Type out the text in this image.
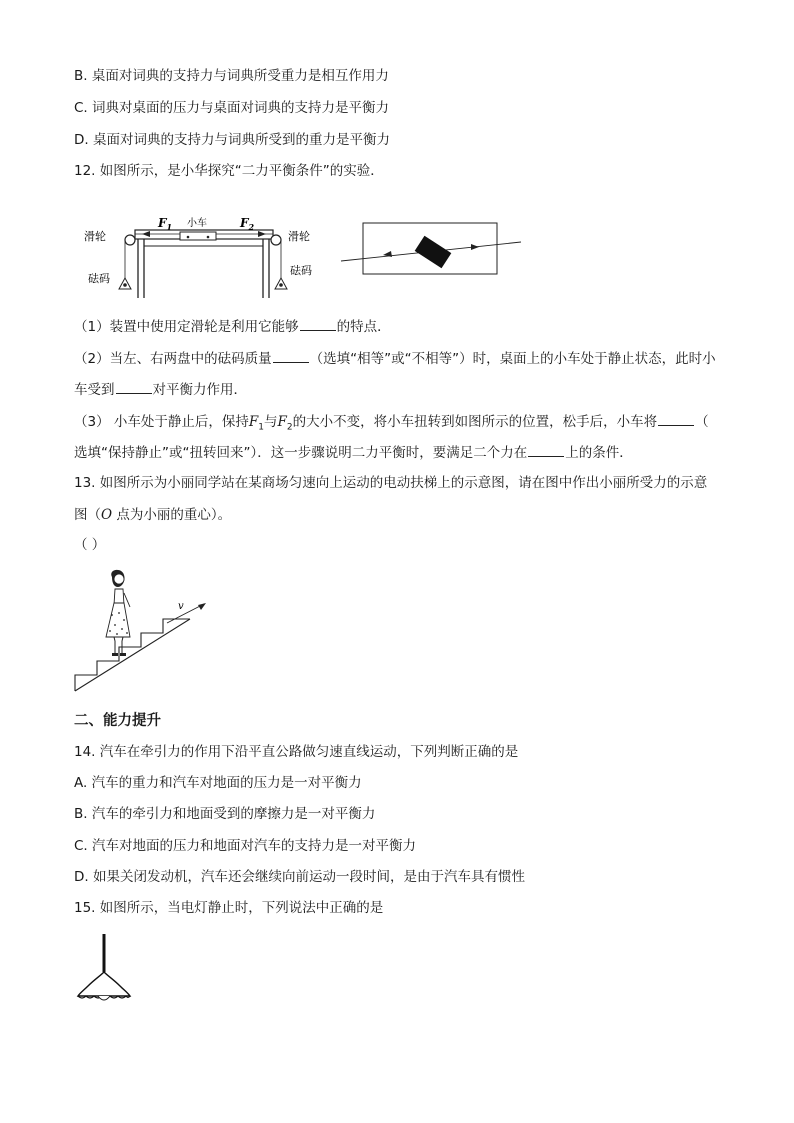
B. 桌面对词典的支持力与词典所受重力是相互作用力
C. 词典对桌面的压力与桌面对词典的支持力是平衡力
D. 桌面对词典的支持力与词典所受到的重力是平衡力
12. 如图所示，是小华探究“二力平衡条件”的实验．
滑轮	滑轮
砝码
砝码
小车
$F_1$	$F_2$
（1）装置中使用定滑轮是利用它能够	的特点．
（2）当左、右两盘中的砝码质量	（选填“相等”或“不相等”）时，桌面上的小车处于静止状态，此时小
车受到	对平衡力作用．
（3） 小车处于静止后，保持$F_1$与$F_2$的大小不变，将小车扭转到如图所示的位置，松手后，小车将	（
选填“保持静止”或“扭转回来”）．这一步骤说明二力平衡时，要满足二个力在	上的条件．
13. 如图所示为小丽同学站在某商场匀速向上运动的电动扶梯上的示意图，请在图中作出小丽所受力的示意
图（O 点为小丽的重心）。
（ ）
v
二、能力提升
14. 汽车在牵引力的作用下沿平直公路做匀速直线运动，下列判断正确的是
A. 汽车的重力和汽车对地面的压力是一对平衡力
B. 汽车的牵引力和地面受到的摩擦力是一对平衡力
C. 汽车对地面的压力和地面对汽车的支持力是一对平衡力
D. 如果关闭发动机，汽车还会继续向前运动一段时间，是由于汽车具有惯性
15. 如图所示，当电灯静止时，下列说法中正确的是
